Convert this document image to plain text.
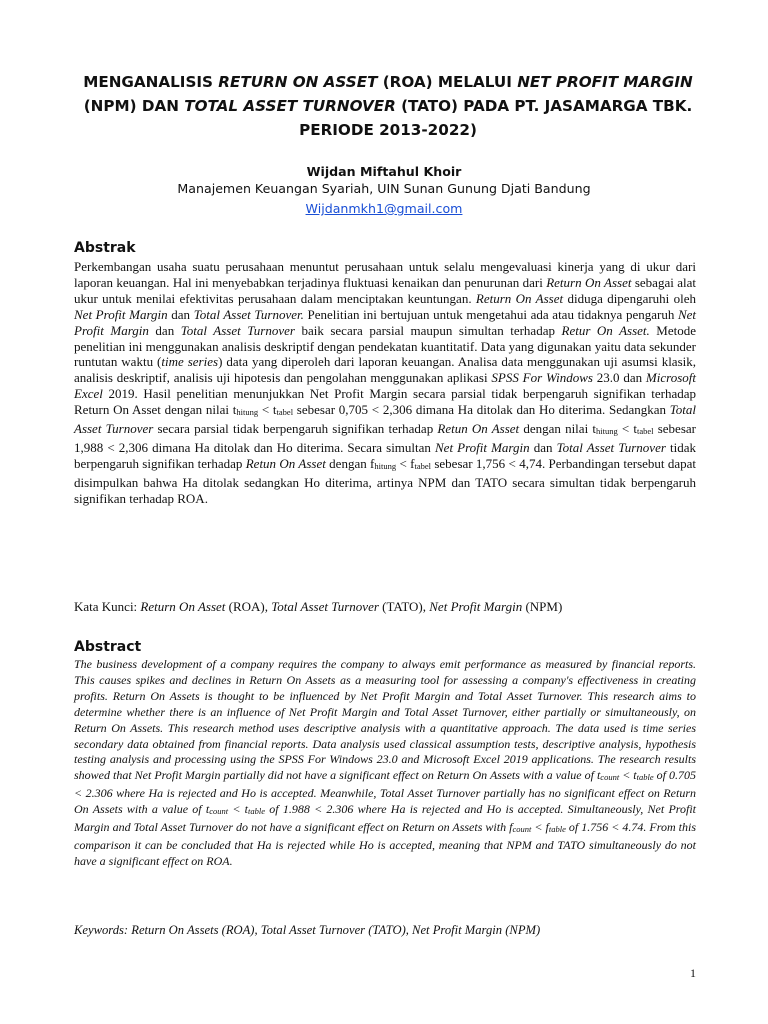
MENGANALISIS RETURN ON ASSET (ROA) MELALUI NET PROFIT MARGIN (NPM) DAN TOTAL ASSET TURNOVER (TATO) PADA PT. JASAMARGA TBK. PERIODE 2013-2022)
Wijdan Miftahul Khoir
Manajemen Keuangan Syariah, UIN Sunan Gunung Djati Bandung
Wijdanmkh1@gmail.com
Abstrak
Perkembangan usaha suatu perusahaan menuntut perusahaan untuk selalu mengevaluasi kinerja yang di ukur dari laporan keuangan. Hal ini menyebabkan terjadinya fluktuasi kenaikan dan penurunan dari Return On Asset sebagai alat ukur untuk menilai efektivitas perusahaan dalam menciptakan keuntungan. Return On Asset diduga dipengaruhi oleh Net Profit Margin dan Total Asset Turnover. Penelitian ini bertujuan untuk mengetahui ada atau tidaknya pengaruh Net Profit Margin dan Total Asset Turnover baik secara parsial maupun simultan terhadap Retur On Asset. Metode penelitian ini menggunakan analisis deskriptif dengan pendekatan kuantitatif. Data yang digunakan yaitu data sekunder runtutan waktu (time series) data yang diperoleh dari laporan keuangan. Analisa data menggunakan uji asumsi klasik, analisis deskriptif, analisis uji hipotesis dan pengolahan menggunakan aplikasi SPSS For Windows 23.0 dan Microsoft Excel 2019. Hasil penelitian menunjukkan Net Profit Margin secara parsial tidak berpengaruh signifikan terhadap Return On Asset dengan nilai thitung < ttabel sebesar 0,705 < 2,306 dimana Ha ditolak dan Ho diterima. Sedangkan Total Asset Turnover secara parsial tidak berpengaruh signifikan terhadap Retun On Asset dengan nilai thitung < ttabel sebesar 1,988 < 2,306 dimana Ha ditolak dan Ho diterima. Secara simultan Net Profit Margin dan Total Asset Turnover tidak berpengaruh signifikan terhadap Retun On Asset dengan fhitung < ftabel sebesar 1,756 < 4,74. Perbandingan tersebut dapat disimpulkan bahwa Ha ditolak sedangkan Ho diterima, artinya NPM dan TATO secara simultan tidak berpengaruh signifikan terhadap ROA.
Kata Kunci: Return On Asset (ROA), Total Asset Turnover (TATO), Net Profit Margin (NPM)
Abstract
The business development of a company requires the company to always emit performance as measured by financial reports. This causes spikes and declines in Return On Assets as a measuring tool for assessing a company's effectiveness in creating profits. Return On Assets is thought to be influenced by Net Profit Margin and Total Asset Turnover. This research aims to determine whether there is an influence of Net Profit Margin and Total Asset Turnover, either partially or simultaneously, on Return On Assets. This research method uses descriptive analysis with a quantitative approach. The data used is time series secondary data obtained from financial reports. Data analysis used classical assumption tests, descriptive analysis, hypothesis testing analysis and processing using the SPSS For Windows 23.0 and Microsoft Excel 2019 applications. The research results showed that Net Profit Margin partially did not have a significant effect on Return On Assets with a value of tcount < ttable of 0.705 < 2.306 where Ha is rejected and Ho is accepted. Meanwhile, Total Asset Turnover partially has no significant effect on Return On Assets with a value of tcount < ttable of 1.988 < 2.306 where Ha is rejected and Ho is accepted. Simultaneously, Net Profit Margin and Total Asset Turnover do not have a significant effect on Return on Assets with fcount < ftable of 1.756 < 4.74. From this comparison it can be concluded that Ha is rejected while Ho is accepted, meaning that NPM and TATO simultaneously do not have a significant effect on ROA.
Keywords: Return On Assets (ROA), Total Asset Turnover (TATO), Net Profit Margin (NPM)
1
